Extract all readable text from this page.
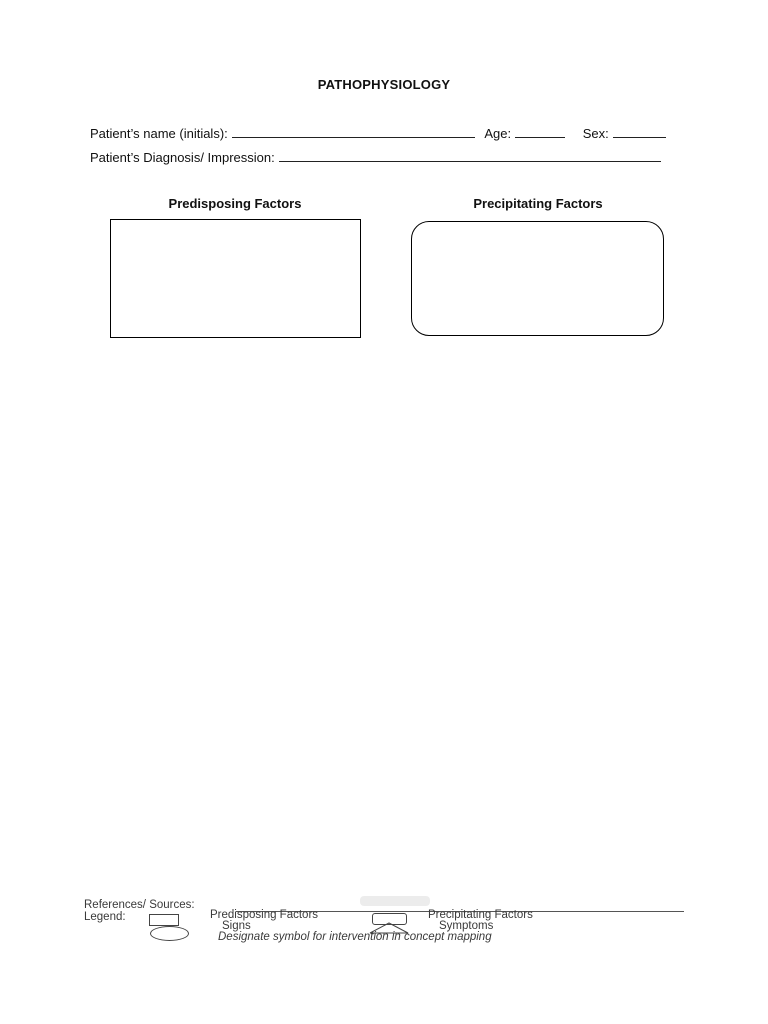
PATHOPHYSIOLOGY
Patient’s name (initials):	Age:	Sex:
Patient’s Diagnosis/ Impression:
Predisposing Factors	Precipitating Factors
References/ Sources:
Legend:	Predisposing Factors	Precipitating Factors
Signs	Symptoms
Designate symbol for intervention in concept mapping
